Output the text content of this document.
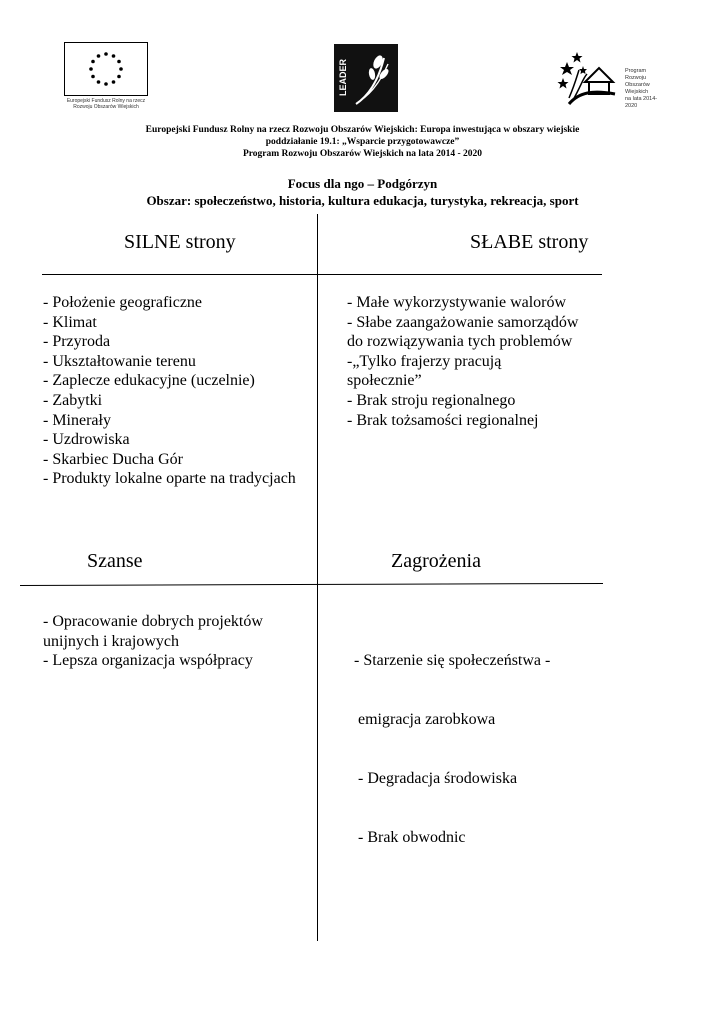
Europejski Fundusz Rolny na rzecz Rozwoju Obszarów Wiejskich
LEADER	Program
Rozwoju
Obszarów
Wiejskich
na lata 2014-2020
Europejski Fundusz Rolny na rzecz Rozwoju Obszarów Wiejskich: Europa inwestująca w obszary wiejskie
poddziałanie 19.1: „Wsparcie przygotowawcze”
Program Rozwoju Obszarów Wiejskich na lata 2014 - 2020
Focus dla ngo – Podgórzyn
Obszar: społeczeństwo, historia, kultura edukacja, turystyka, rekreacja, sport
SILNE strony
- Położenie geograficzne
- Klimat
- Przyroda
- Ukształtowanie terenu
- Zaplecze edukacyjne (uczelnie)
- Zabytki
- Minerały
- Uzdrowiska
- Skarbiec Ducha Gór
- Produkty lokalne oparte na tradycjach
SŁABE strony
- Małe wykorzystywanie walorów
- Słabe zaangażowanie samorządów
do rozwiązywania tych problemów
-„Tylko frajerzy pracują
społecznie”
- Brak stroju regionalnego
- Brak tożsamości regionalnej
Szanse
- Opracowanie dobrych projektów
unijnych i krajowych
- Lepsza organizacja współpracy
Zagrożenia

- Starzenie się społeczeństwa -

emigracja zarobkowa

- Degradacja środowiska

- Brak obwodnic
